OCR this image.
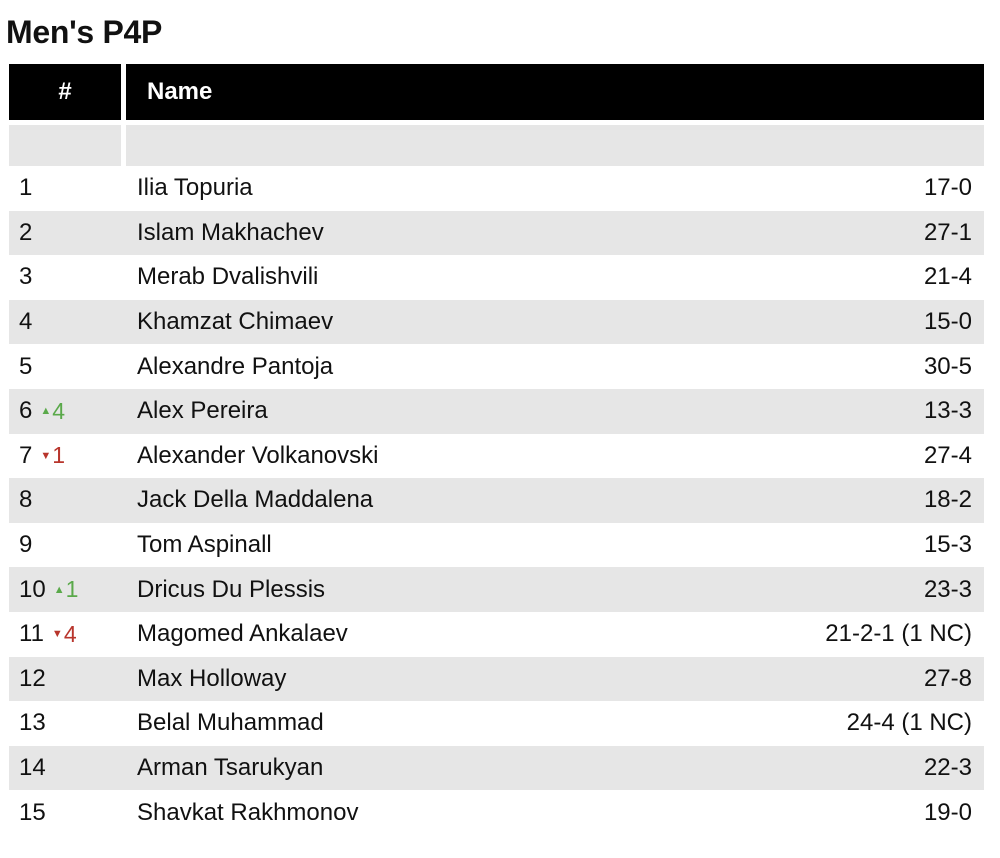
Men's P4P
#	Name
1	Ilia Topuria	17-0
2	Islam Makhachev	27-1
3	Merab Dvalishvili	21-4
4	Khamzat Chimaev	15-0
5	Alexandre Pantoja	30-5
6 ▲ 4	Alex Pereira	13-3
7 ▼ 1	Alexander Volkanovski	27-4
8	Jack Della Maddalena	18-2
9	Tom Aspinall	15-3
10 ▲ 1	Dricus Du Plessis	23-3
11 ▼ 4	Magomed Ankalaev	21-2-1 (1 NC)
12	Max Holloway	27-8
13	Belal Muhammad	24-4 (1 NC)
14	Arman Tsarukyan	22-3
15	Shavkat Rakhmonov	19-0
